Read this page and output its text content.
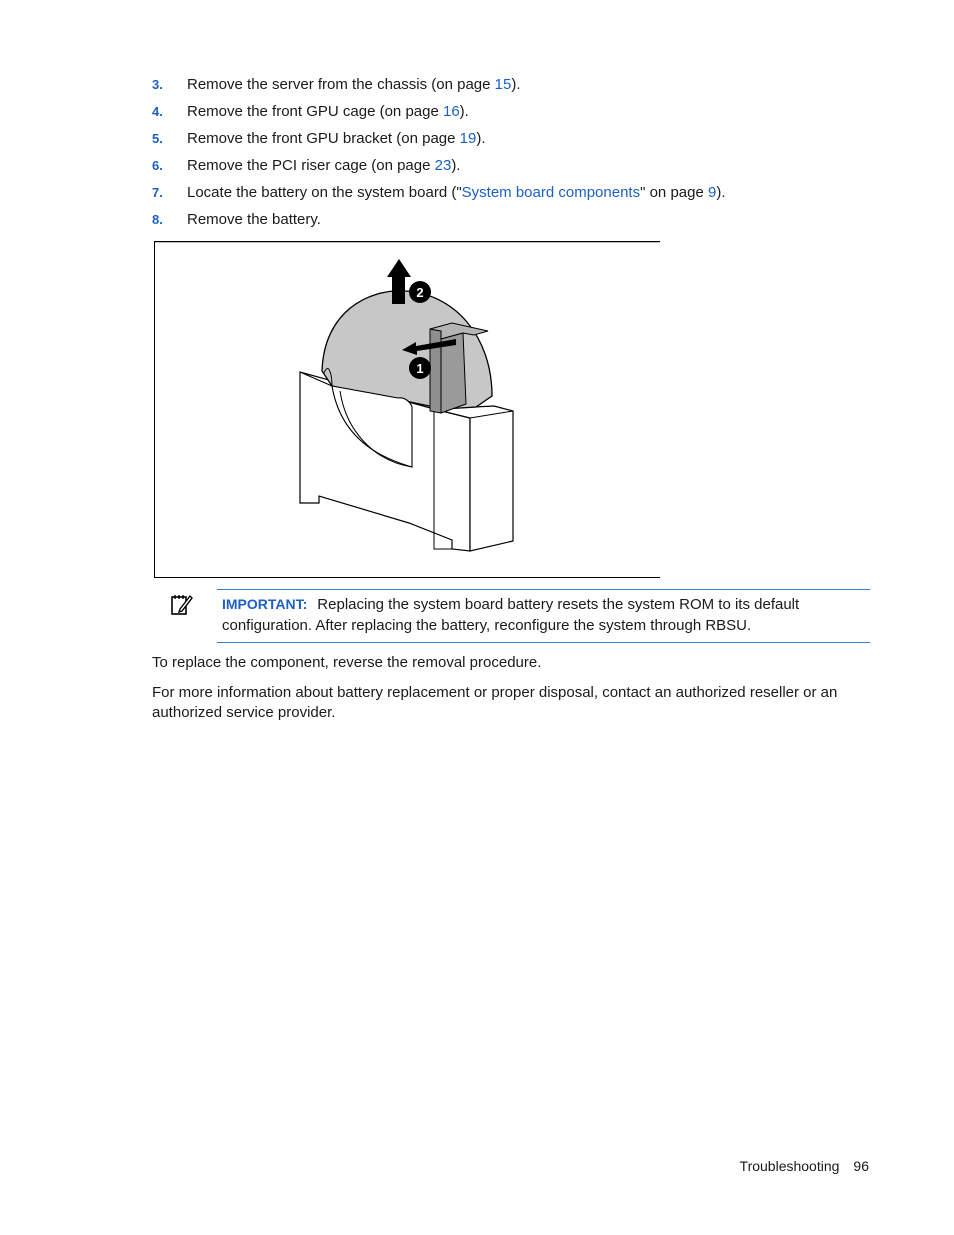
3.	Remove the server from the chassis (on page 15).
4.	Remove the front GPU cage (on page 16).
5.	Remove the front GPU bracket (on page 19).
6.	Remove the PCI riser cage (on page 23).
7.	Locate the battery on the system board ("System board components" on page 9).
8.	Remove the battery.
1
2
IMPORTANT: Replacing the system board battery resets the system ROM to its default configuration. After replacing the battery, reconfigure the system through RBSU.

To replace the component, reverse the removal procedure.

For more information about battery replacement or proper disposal, contact an authorized reseller or an authorized service provider.

Troubleshooting 96
